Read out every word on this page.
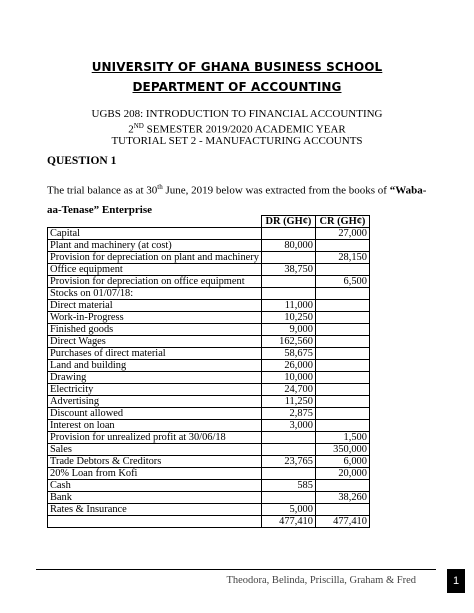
UNIVERSITY OF GHANA BUSINESS SCHOOL
DEPARTMENT OF ACCOUNTING
UGBS 208: INTRODUCTION TO FINANCIAL ACCOUNTING
2ND SEMESTER 2019/2020 ACADEMIC YEAR
TUTORIAL SET 2 - MANUFACTURING ACCOUNTS
QUESTION 1
The trial balance as at 30th June, 2019 below was extracted from the books of “Waba-aa-Tenase” Enterprise
	DR (GH¢)	CR (GH¢)
Capital		27,000
Plant and machinery (at cost)	80,000	
Provision for depreciation on plant and machinery		28,150
Office equipment	38,750	
Provision for depreciation on office equipment		6,500
Stocks on 01/07/18:		
Direct material	11,000	
Work-in-Progress	10,250	
Finished goods	9,000	
Direct Wages	162,560	
Purchases of direct material	58,675	
Land and building	26,000	
Drawing	10,000	
Electricity	24,700	
Advertising	11,250	
Discount allowed	2,875	
Interest on loan	3,000	
Provision for unrealized profit at 30/06/18		1,500
Sales		350,000
Trade Debtors & Creditors	23,765	6,000
20% Loan from Kofi		20,000
Cash	585	
Bank		38,260
Rates & Insurance	5,000	
	477,410	477,410
Theodora, Belinda, Priscilla, Graham & Fred	1
